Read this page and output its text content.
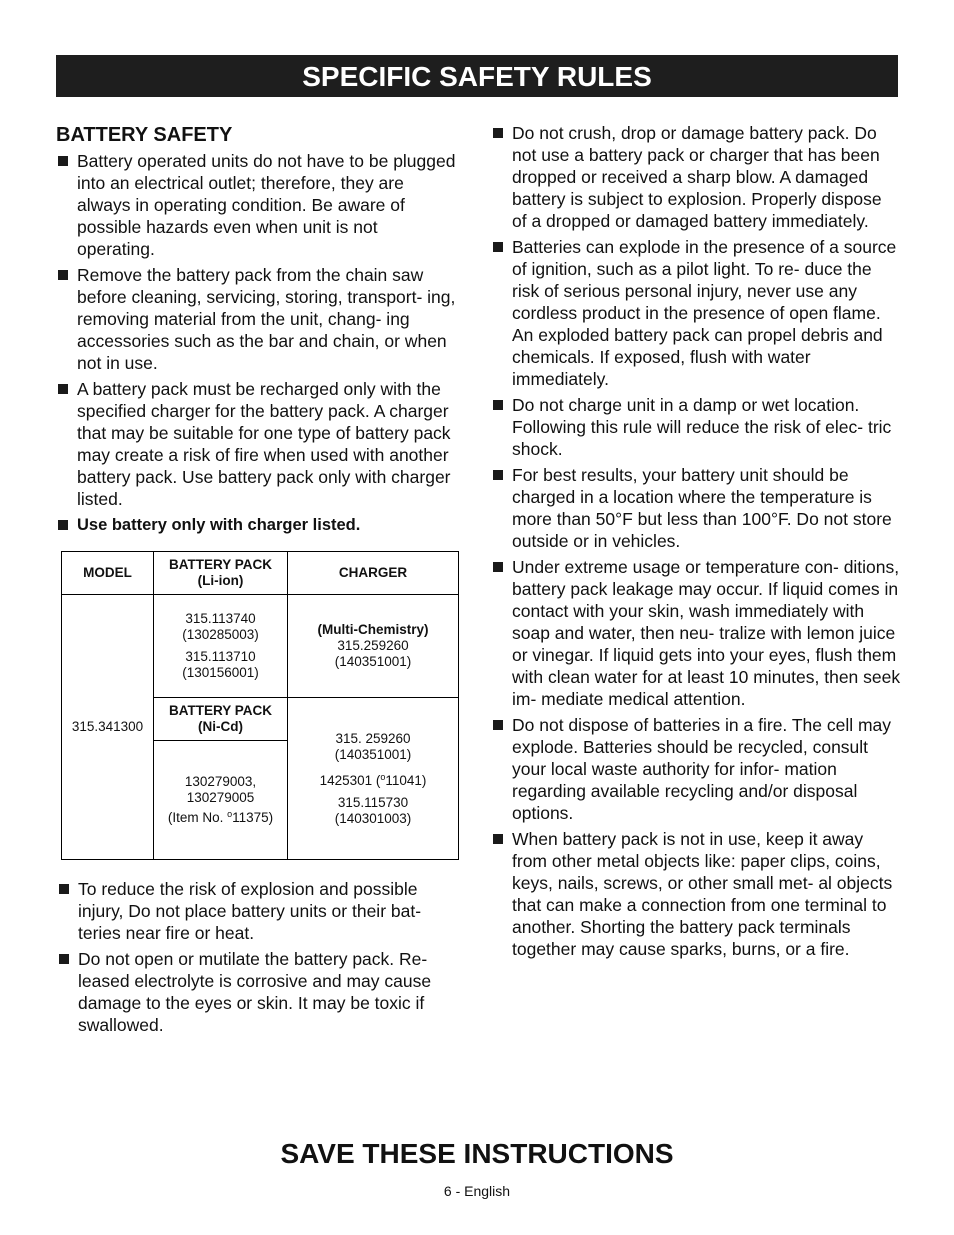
SPECIFIC SAFETY RULES
BATTERY SAFETY
Battery operated units do not have to be plugged into an electrical outlet; therefore, they are always in operating condition. Be aware of possible hazards even when unit is not operating.
Remove the battery pack from the chain saw before cleaning, servicing, storing, transport- ing, removing material from the unit, chang- ing accessories such as the bar and chain, or when not in use.
A battery pack must be recharged only with the specified charger for the battery pack. A charger that may be suitable for one type of battery pack may create a risk of fire when used with another battery pack. Use battery pack only with charger listed.
Use battery only with charger listed.
MODEL
BATTERY PACK
(Li-ion)
CHARGER
315.341300
315.113740
(130285003)
315.113710
(130156001)
(Multi-Chemistry)
315.259260
(140351001)
BATTERY PACK
(Ni-Cd)
130279003,
130279005
(Item No. $^o$11375)
315. 259260
(140351001)
1425301 ($^o$11041)
315.115730
(140301003)
To reduce the risk of explosion and possible injury, Do not place battery units or their bat- teries near fire or heat.
Do not open or mutilate the battery pack. Re- leased electrolyte is corrosive and may cause damage to the eyes or skin. It may be toxic if swallowed.
Do not crush, drop or damage battery pack. Do not use a battery pack or charger that has been dropped or received a sharp blow. A damaged battery is subject to explosion. Properly dispose of a dropped or damaged battery immediately.
Batteries can explode in the presence of a source of ignition, such as a pilot light. To re- duce the risk of serious personal injury, never use any cordless product in the presence of open flame. An exploded battery pack can propel debris and chemicals. If exposed, flush with water immediately.
Do not charge unit in a damp or wet location. Following this rule will reduce the risk of elec- tric shock.
For best results, your battery unit should be charged in a location where the temperature is more than 50°F but less than 100°F. Do not store outside or in vehicles.
Under extreme usage or temperature con- ditions, battery pack leakage may occur. If liquid comes in contact with your skin, wash immediately with soap and water, then neu- tralize with lemon juice or vinegar. If liquid gets into your eyes, flush them with clean water for at least 10 minutes, then seek im- mediate medical attention.
Do not dispose of batteries in a fire. The cell may explode. Batteries should be recycled, consult your local waste authority for infor- mation regarding available recycling and/or disposal options.
When battery pack is not in use, keep it away from other metal objects like: paper clips, coins, keys, nails, screws, or other small met- al objects that can make a connection from one terminal to another. Shorting the battery pack terminals together may cause sparks, burns, or a fire.
SAVE THESE INSTRUCTIONS
6 - English
